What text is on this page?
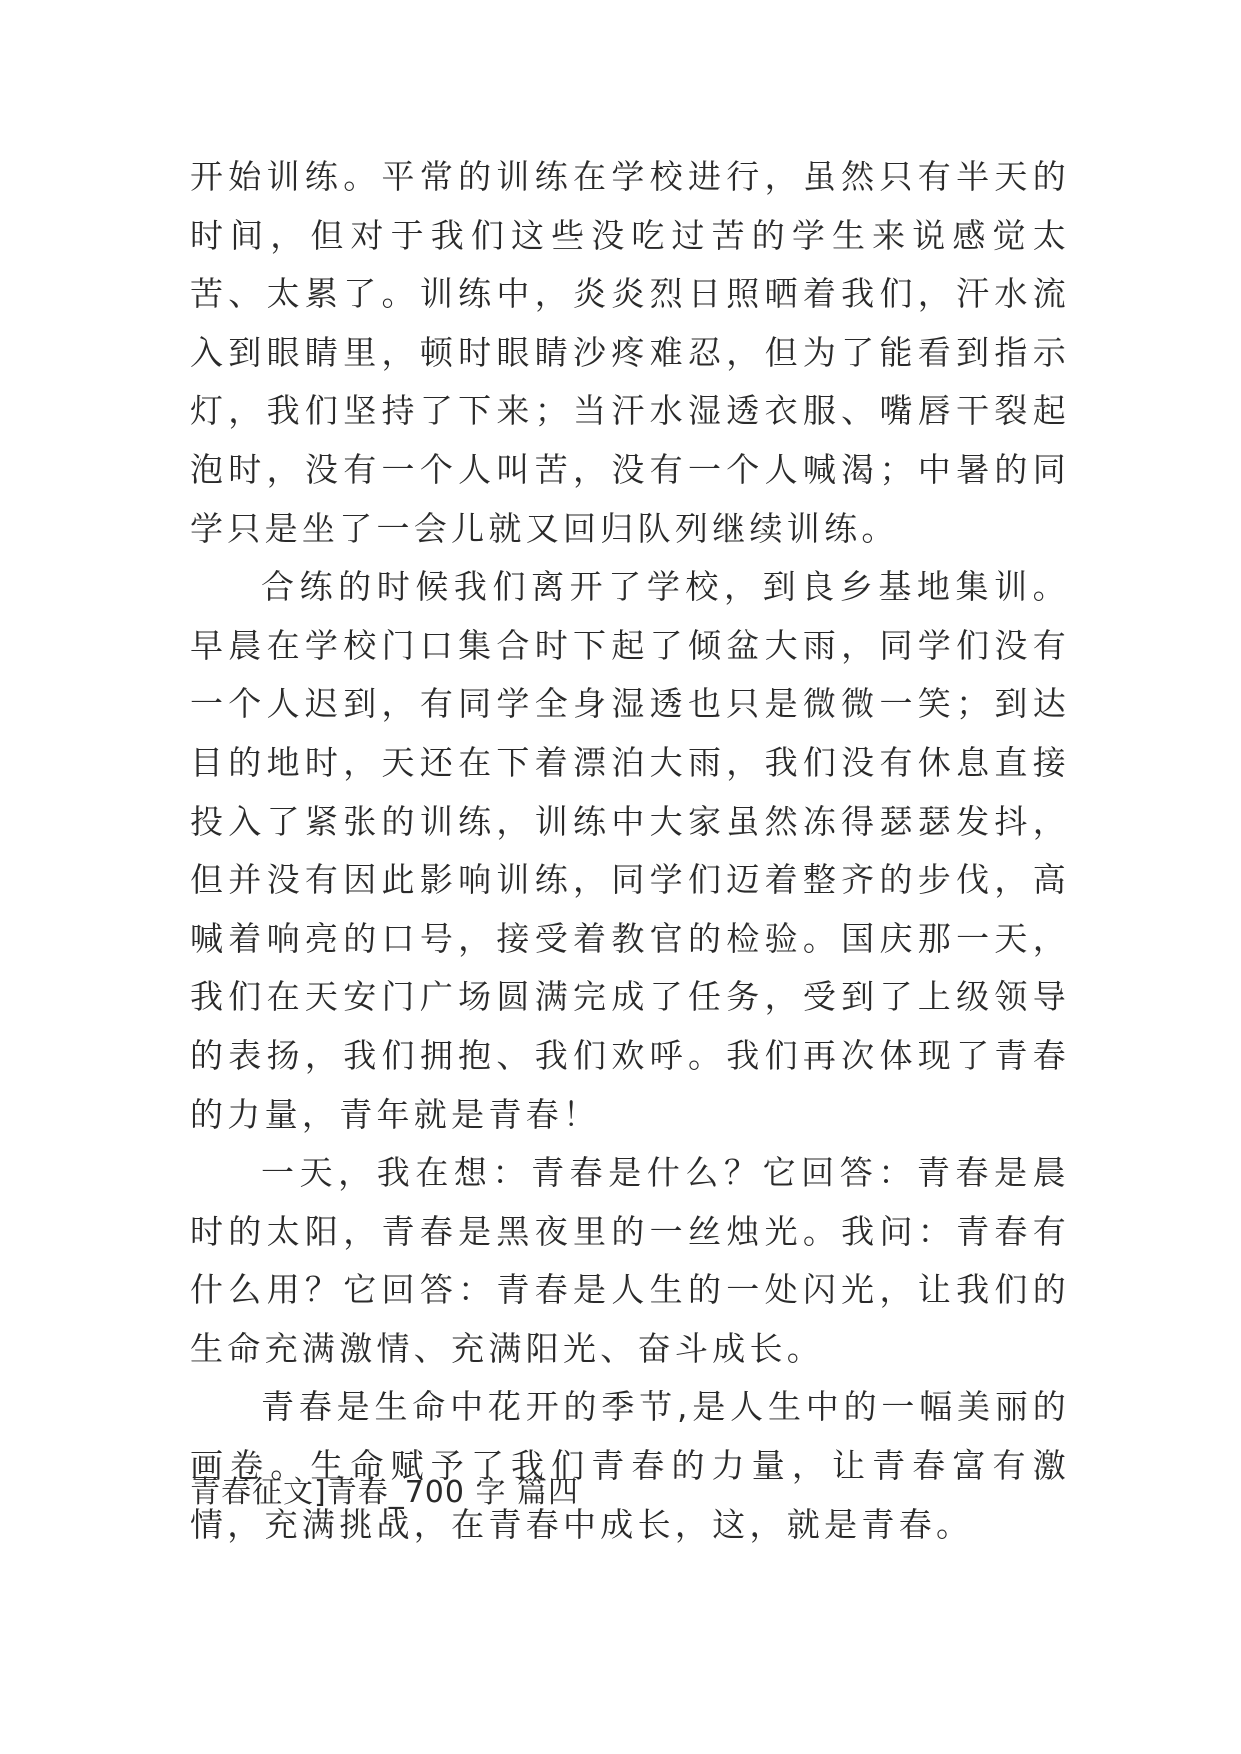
开始训练。平常的训练在学校进行，虽然只有半天的时间，但对于我们这些没吃过苦的学生来说感觉太苦、太累了。训练中，炎炎烈日照晒着我们，汗水流入到眼睛里，顿时眼睛沙疼难忍，但为了能看到指示灯，我们坚持了下来；当汗水湿透衣服、嘴唇干裂起泡时，没有一个人叫苦，没有一个人喊渴；中暑的同学只是坐了一会儿就又回归队列继续训练。

合练的时候我们离开了学校，到良乡基地集训。早晨在学校门口集合时下起了倾盆大雨，同学们没有一个人迟到，有同学全身湿透也只是微微一笑；到达目的地时，天还在下着漂泊大雨，我们没有休息直接投入了紧张的训练，训练中大家虽然冻得瑟瑟发抖，但并没有因此影响训练，同学们迈着整齐的步伐，高喊着响亮的口号，接受着教官的检验。国庆那一天，我们在天安门广场圆满完成了任务，受到了上级领导的表扬，我们拥抱、我们欢呼。我们再次体现了青春的力量，青年就是青春！

一天，我在想：青春是什么？它回答：青春是晨时的太阳，青春是黑夜里的一丝烛光。我问：青春有什么用？它回答：青春是人生的一处闪光，让我们的生命充满激情、充满阳光、奋斗成长。

青春是生命中花开的季节,是人生中的一幅美丽的画卷。生命赋予了我们青春的力量，让青春富有激情，充满挑战，在青春中成长，这，就是青春。

青春征文]青春_700 字 篇四
